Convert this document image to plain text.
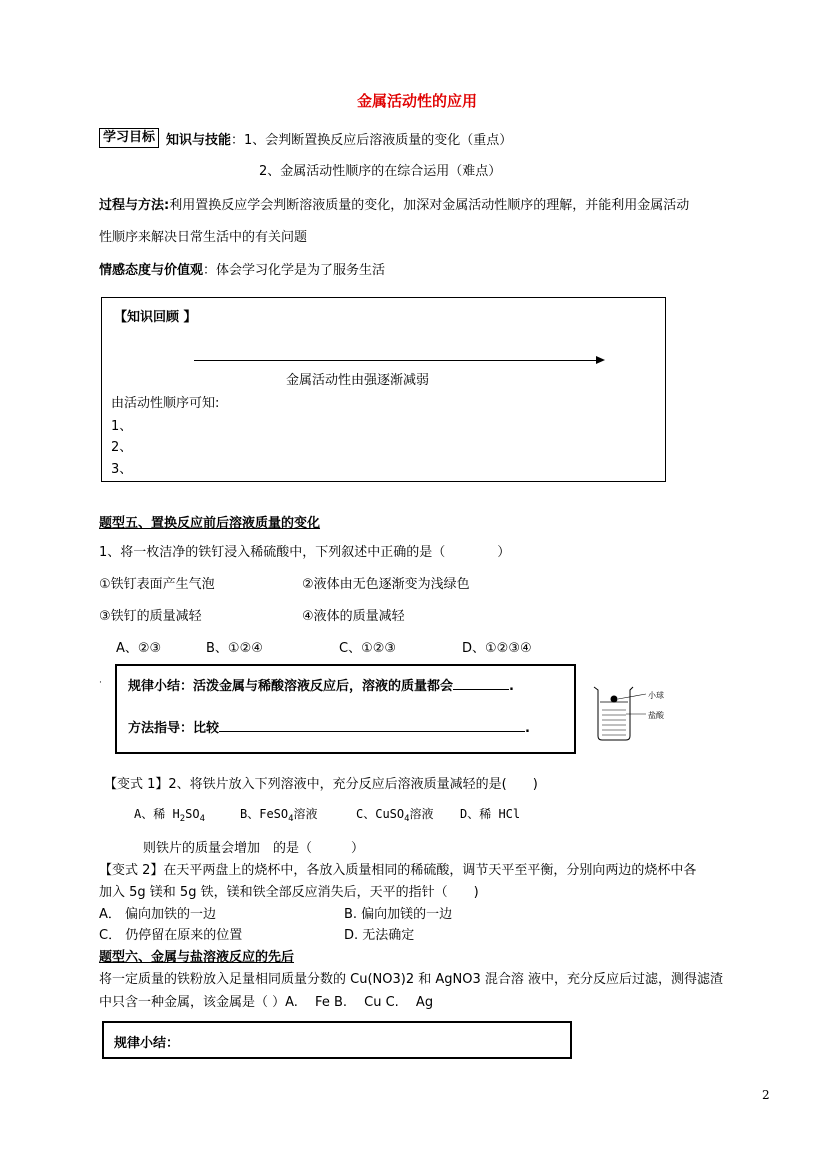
金属活动性的应用
学习目标 知识与技能：1、会判断置换反应后溶液质量的变化（重点）
2、金属活动性顺序的在综合运用（难点）
过程与方法:利用置换反应学会判断溶液质量的变化，加深对金属活动性顺序的理解，并能利用金属活动
性顺序来解决日常生活中的有关问题
情感态度与价值观：体会学习化学是为了服务生活
【知识回顾 】
金属活动性由强逐渐减弱
由活动性顺序可知:
1、
2、
3、
题型五、置换反应前后溶液质量的变化
1、将一枚洁净的铁钉浸入稀硫酸中，下列叙述中正确的是（　　　　）
①铁钉表面产生气泡	②液体由无色逐渐变为浅绿色
③铁钉的质量减轻	④液体的质量减轻
A、②③	B、①②④	C、①②③	D、①②③④
· 规律小结：活泼金属与稀酸溶液反应后，溶液的质量都会	.
方法指导：比较	.
小球
盐酸
【变式 1】2、将铁片放入下列溶液中，充分反应后溶液质量减轻的是(　　)
A、稀 $H_2SO_4$	B、FeSO$_4$溶液	C、CuSO$_4$溶液 D、稀 HCl
则铁片的质量会增加　的是（　　　）
【变式 2】在天平两盘上的烧杯中，各放入质量相同的稀硫酸，调节天平至平衡，分别向两边的烧杯中各
加入 5g 镁和 5g 铁，镁和铁全部反应消失后，天平的指针（　　)
A． 偏向加铁的一边	B. 偏向加镁的一边
C． 仍停留在原来的位置	D. 无法确定
题型六、金属与盐溶液反应的先后
将一定质量的铁粉放入足量相同质量分数的 Cu(NO3)2 和 AgNO3 混合溶 液中，充分反应后过滤，测得滤渣
中只含一种金属，该金属是（ ）A.　 Fe B.　 Cu C.　 Ag
规律小结：
2
